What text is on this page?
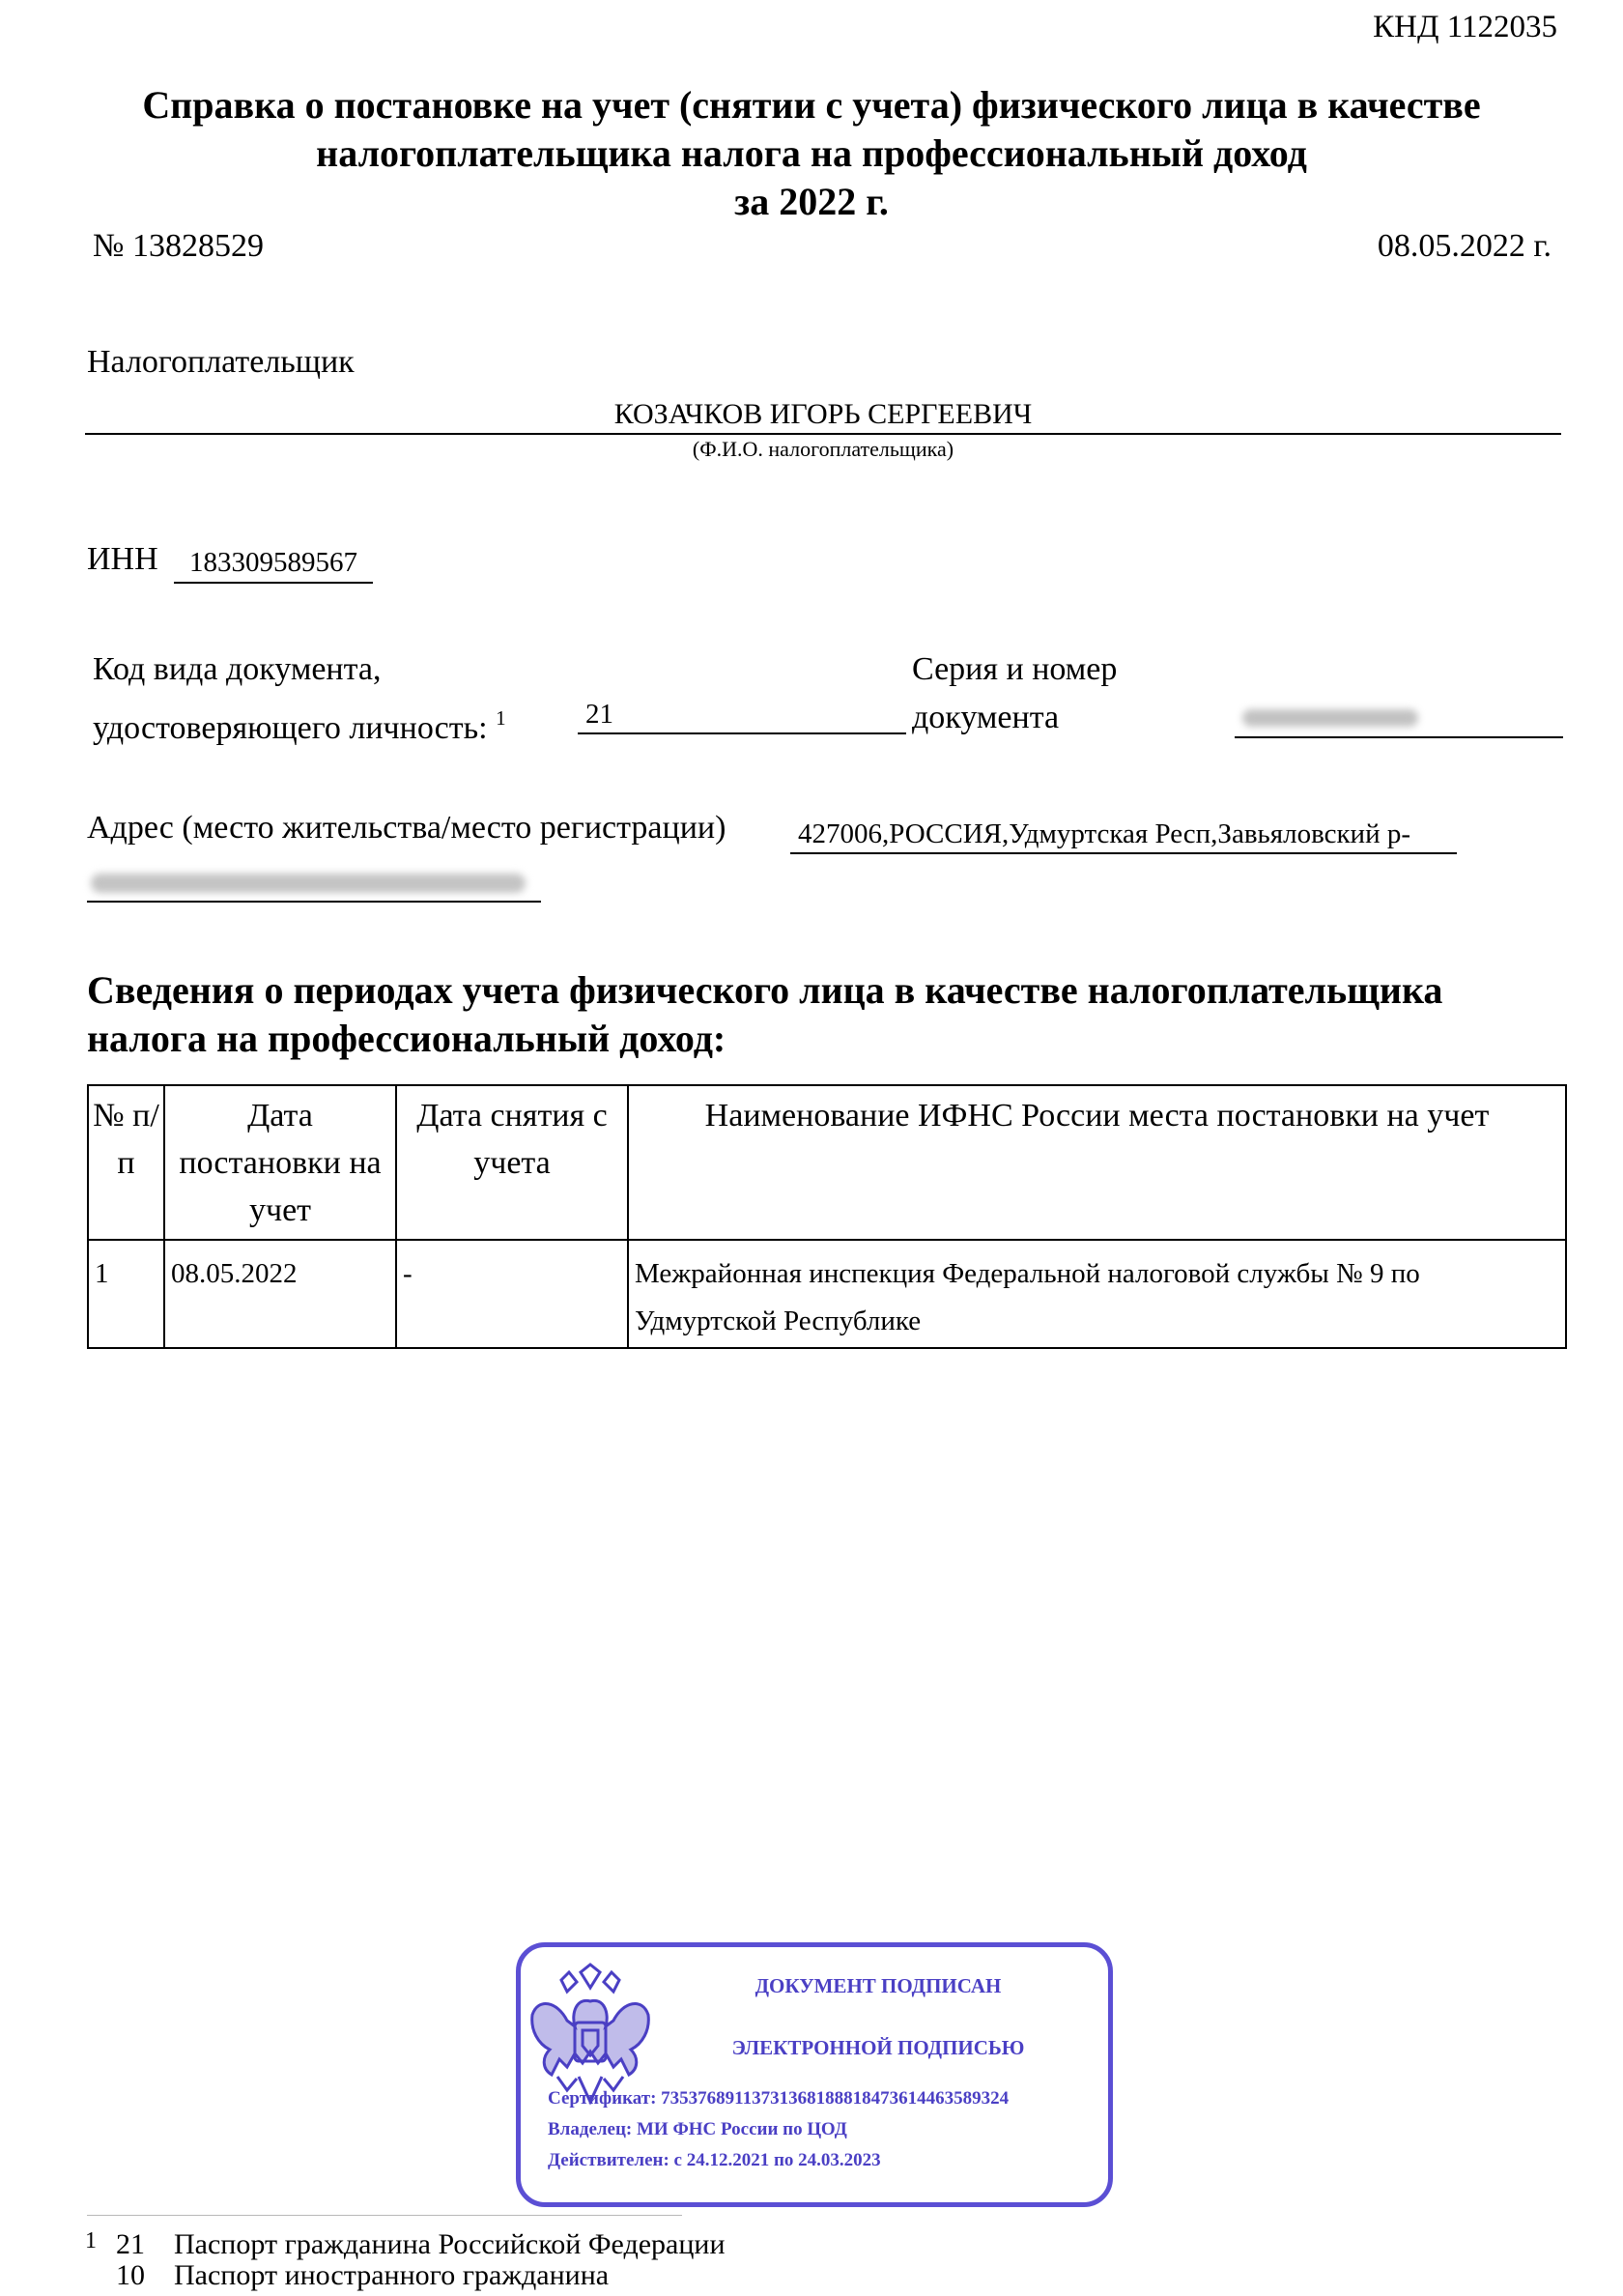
КНД 1122035
Справка о постановке на учет (снятии с учета) физического лица в качестве
налогоплательщика налога на профессиональный доход
за 2022 г.
№ 13828529	08.05.2022 г.
Налогоплательщик
КОЗАЧКОВ ИГОРЬ СЕРГЕЕВИЧ
(Ф.И.О. налогоплательщика)
ИНН	183309589567
Код вида документа,
удостоверяющего личность: $^1$	21
Серия и номер
документа
Адрес (место жительства/место регистрации)	427006,РОССИЯ,Удмуртская Респ,Завьяловский р-
Сведения о периодах учета физического лица в качестве налогоплательщика
налога на профессиональный доход:
№ п/п	Дата постановки на учет	Дата снятия с учета	Наименование ИФНС России места постановки на учет
1	08.05.2022	-	Межрайонная инспекция Федеральной налоговой службы № 9 по Удмуртской Республике
ДОКУМЕНТ ПОДПИСАН
ЭЛЕКТРОННОЙ ПОДПИСЬЮ
Сертификат: 7353768911373136818881847361446358932​4
Владелец: МИ ФНС России по ЦОД
Действителен: с 24.12.2021 по 24.03.2023
1 21 Паспорт гражданина Российской Федерации
10 Паспорт иностранного гражданина
